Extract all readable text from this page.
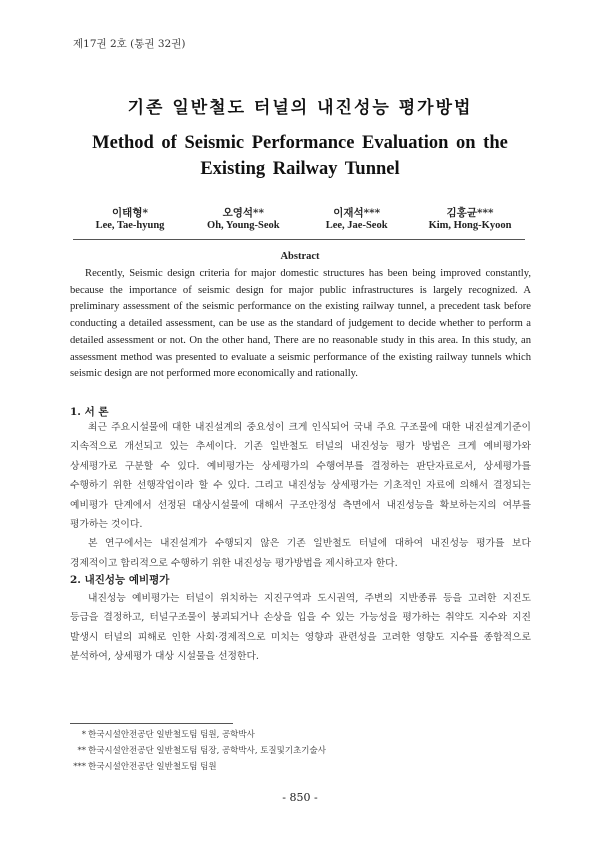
제17권 2호 (통권 32권)
기존 일반철도 터널의 내진성능 평가방법
Method of Seismic Performance Evaluation on the Existing Railway Tunnel
이태형*
Lee, Tae-hyung
오영석**
Oh, Young-Seok
이재석***
Lee, Jae-Seok
김홍균***
Kim, Hong-Kyoon
Abstract
Recently, Seismic design criteria for major domestic structures has been being improved constantly, because the importance of seismic design for major public infrastructures is largely recognized. A preliminary assessment of the seismic performance on the existing railway tunnel, a precedent task before conducting a detailed assessment, can be use as the standard of judgement to decide whether to perform a detailed assessment or not. On the other hand, There are no reasonable study in this area. In this study, an assessment method was presented to evaluate a seismic performance of the existing railway tunnels which seismic design are not performed more economically and rationally.
1. 서 론

최근 주요시설물에 대한 내진설계의 중요성이 크게 인식되어 국내 주요 구조물에 대한 내진설계기준이 지속적으로 개선되고 있는 추세이다. 기존 일반철도 터널의 내진성능 평가 방법은 크게 예비평가와 상세평가로 구분할 수 있다. 예비평가는 상세평가의 수행여부를 결정하는 판단자료로서, 상세평가를 수행하기 위한 선행작업이라 할 수 있다. 그리고 내진성능 상세평가는 기초적인 자료에 의해서 결정되는 예비평가 단계에서 선정된 대상시설물에 대해서 구조안정성 측면에서 내진성능을 확보하는지의 여부를 평가하는 것이다.

본 연구에서는 내진설계가 수행되지 않은 기존 일반철도 터널에 대하여 내진성능 평가를 보다 경제적이고 합리적으로 수행하기 위한 내진성능 평가방법을 제시하고자 한다.

2. 내진성능 예비평가

내진성능 예비평가는 터널이 위치하는 지진구역과 도시권역, 주변의 지반종류 등을 고려한 지진도 등급을 결정하고, 터널구조물이 붕괴되거나 손상을 입을 수 있는 가능성을 평가하는 취약도 지수와 지진 발생시 터널의 피해로 인한 사회·경제적으로 미치는 영향과 관련성을 고려한 영향도 지수를 종합적으로 분석하여, 상세평가 대상 시설물을 선정한다.

* 한국시설안전공단 일반철도팀 팀원, 공학박사
** 한국시설안전공단 일반철도팀 팀장, 공학박사, 토질및기초기술사
*** 한국시설안전공단 일반철도팀 팀원
- 850 -
